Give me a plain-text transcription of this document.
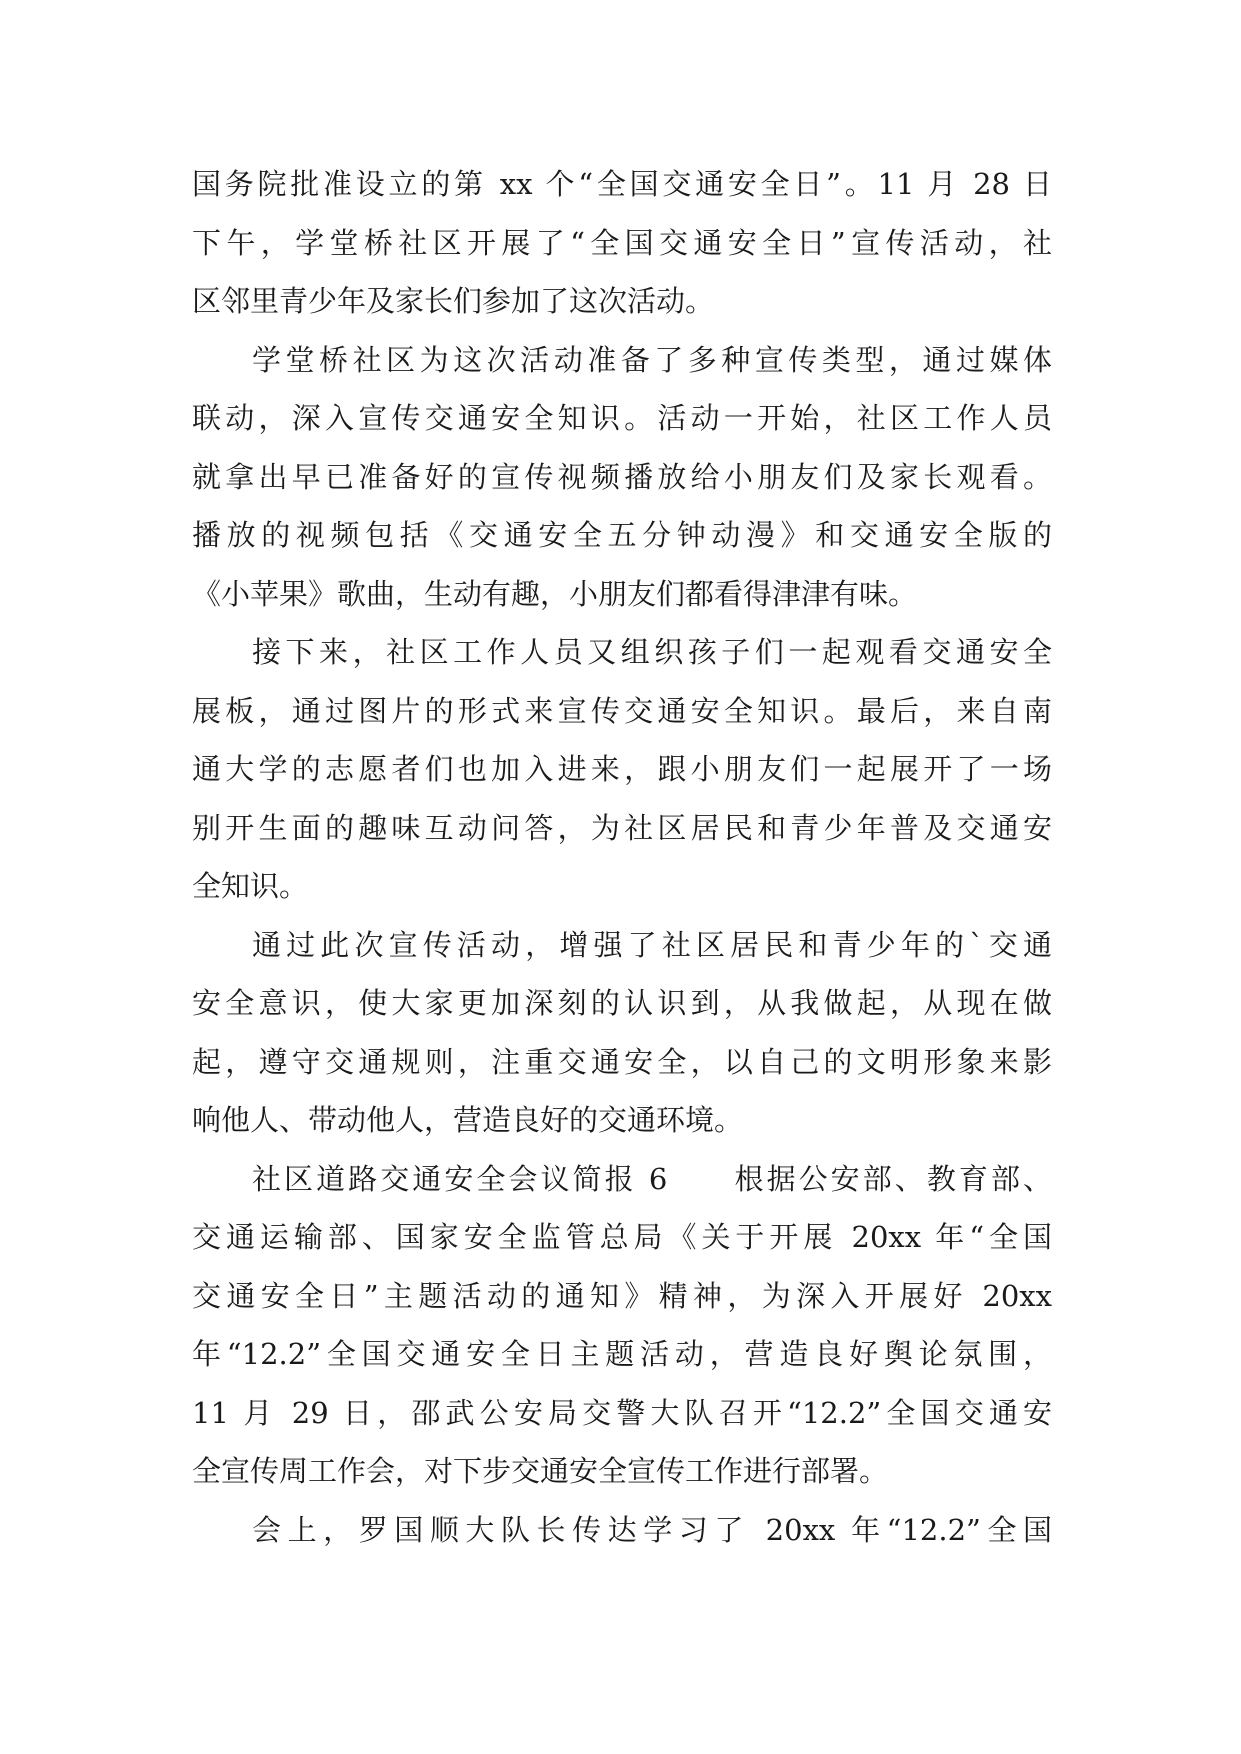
国务院批准设立的第 xx 个“全国交通安全日”。11 月 28 日
下午，学堂桥社区开展了“全国交通安全日”宣传活动，社
区邻里青少年及家长们参加了这次活动。
学堂桥社区为这次活动准备了多种宣传类型，通过媒体
联动，深入宣传交通安全知识。活动一开始，社区工作人员
就拿出早已准备好的宣传视频播放给小朋友们及家长观看。
播放的视频包括《交通安全五分钟动漫》和交通安全版的
《小苹果》歌曲，生动有趣，小朋友们都看得津津有味。
接下来，社区工作人员又组织孩子们一起观看交通安全
展板，通过图片的形式来宣传交通安全知识。最后，来自南
通大学的志愿者们也加入进来，跟小朋友们一起展开了一场
别开生面的趣味互动问答，为社区居民和青少年普及交通安
全知识。
通过此次宣传活动，增强了社区居民和青少年的`交通
安全意识，使大家更加深刻的认识到，从我做起，从现在做
起，遵守交通规则，注重交通安全，以自己的文明形象来影
响他人、带动他人，营造良好的交通环境。
社区道路交通安全会议简报 6　　根据公安部、教育部、
交通运输部、国家安全监管总局《关于开展 20xx 年“全国
交通安全日”主题活动的通知》精神，为深入开展好 20xx
年“12.2”全国交通安全日主题活动，营造良好舆论氛围，
11 月 29 日，邵武公安局交警大队召开“12.2”全国交通安
全宣传周工作会，对下步交通安全宣传工作进行部署。
会上，罗国顺大队长传达学习了 20xx 年“12.2”全国
